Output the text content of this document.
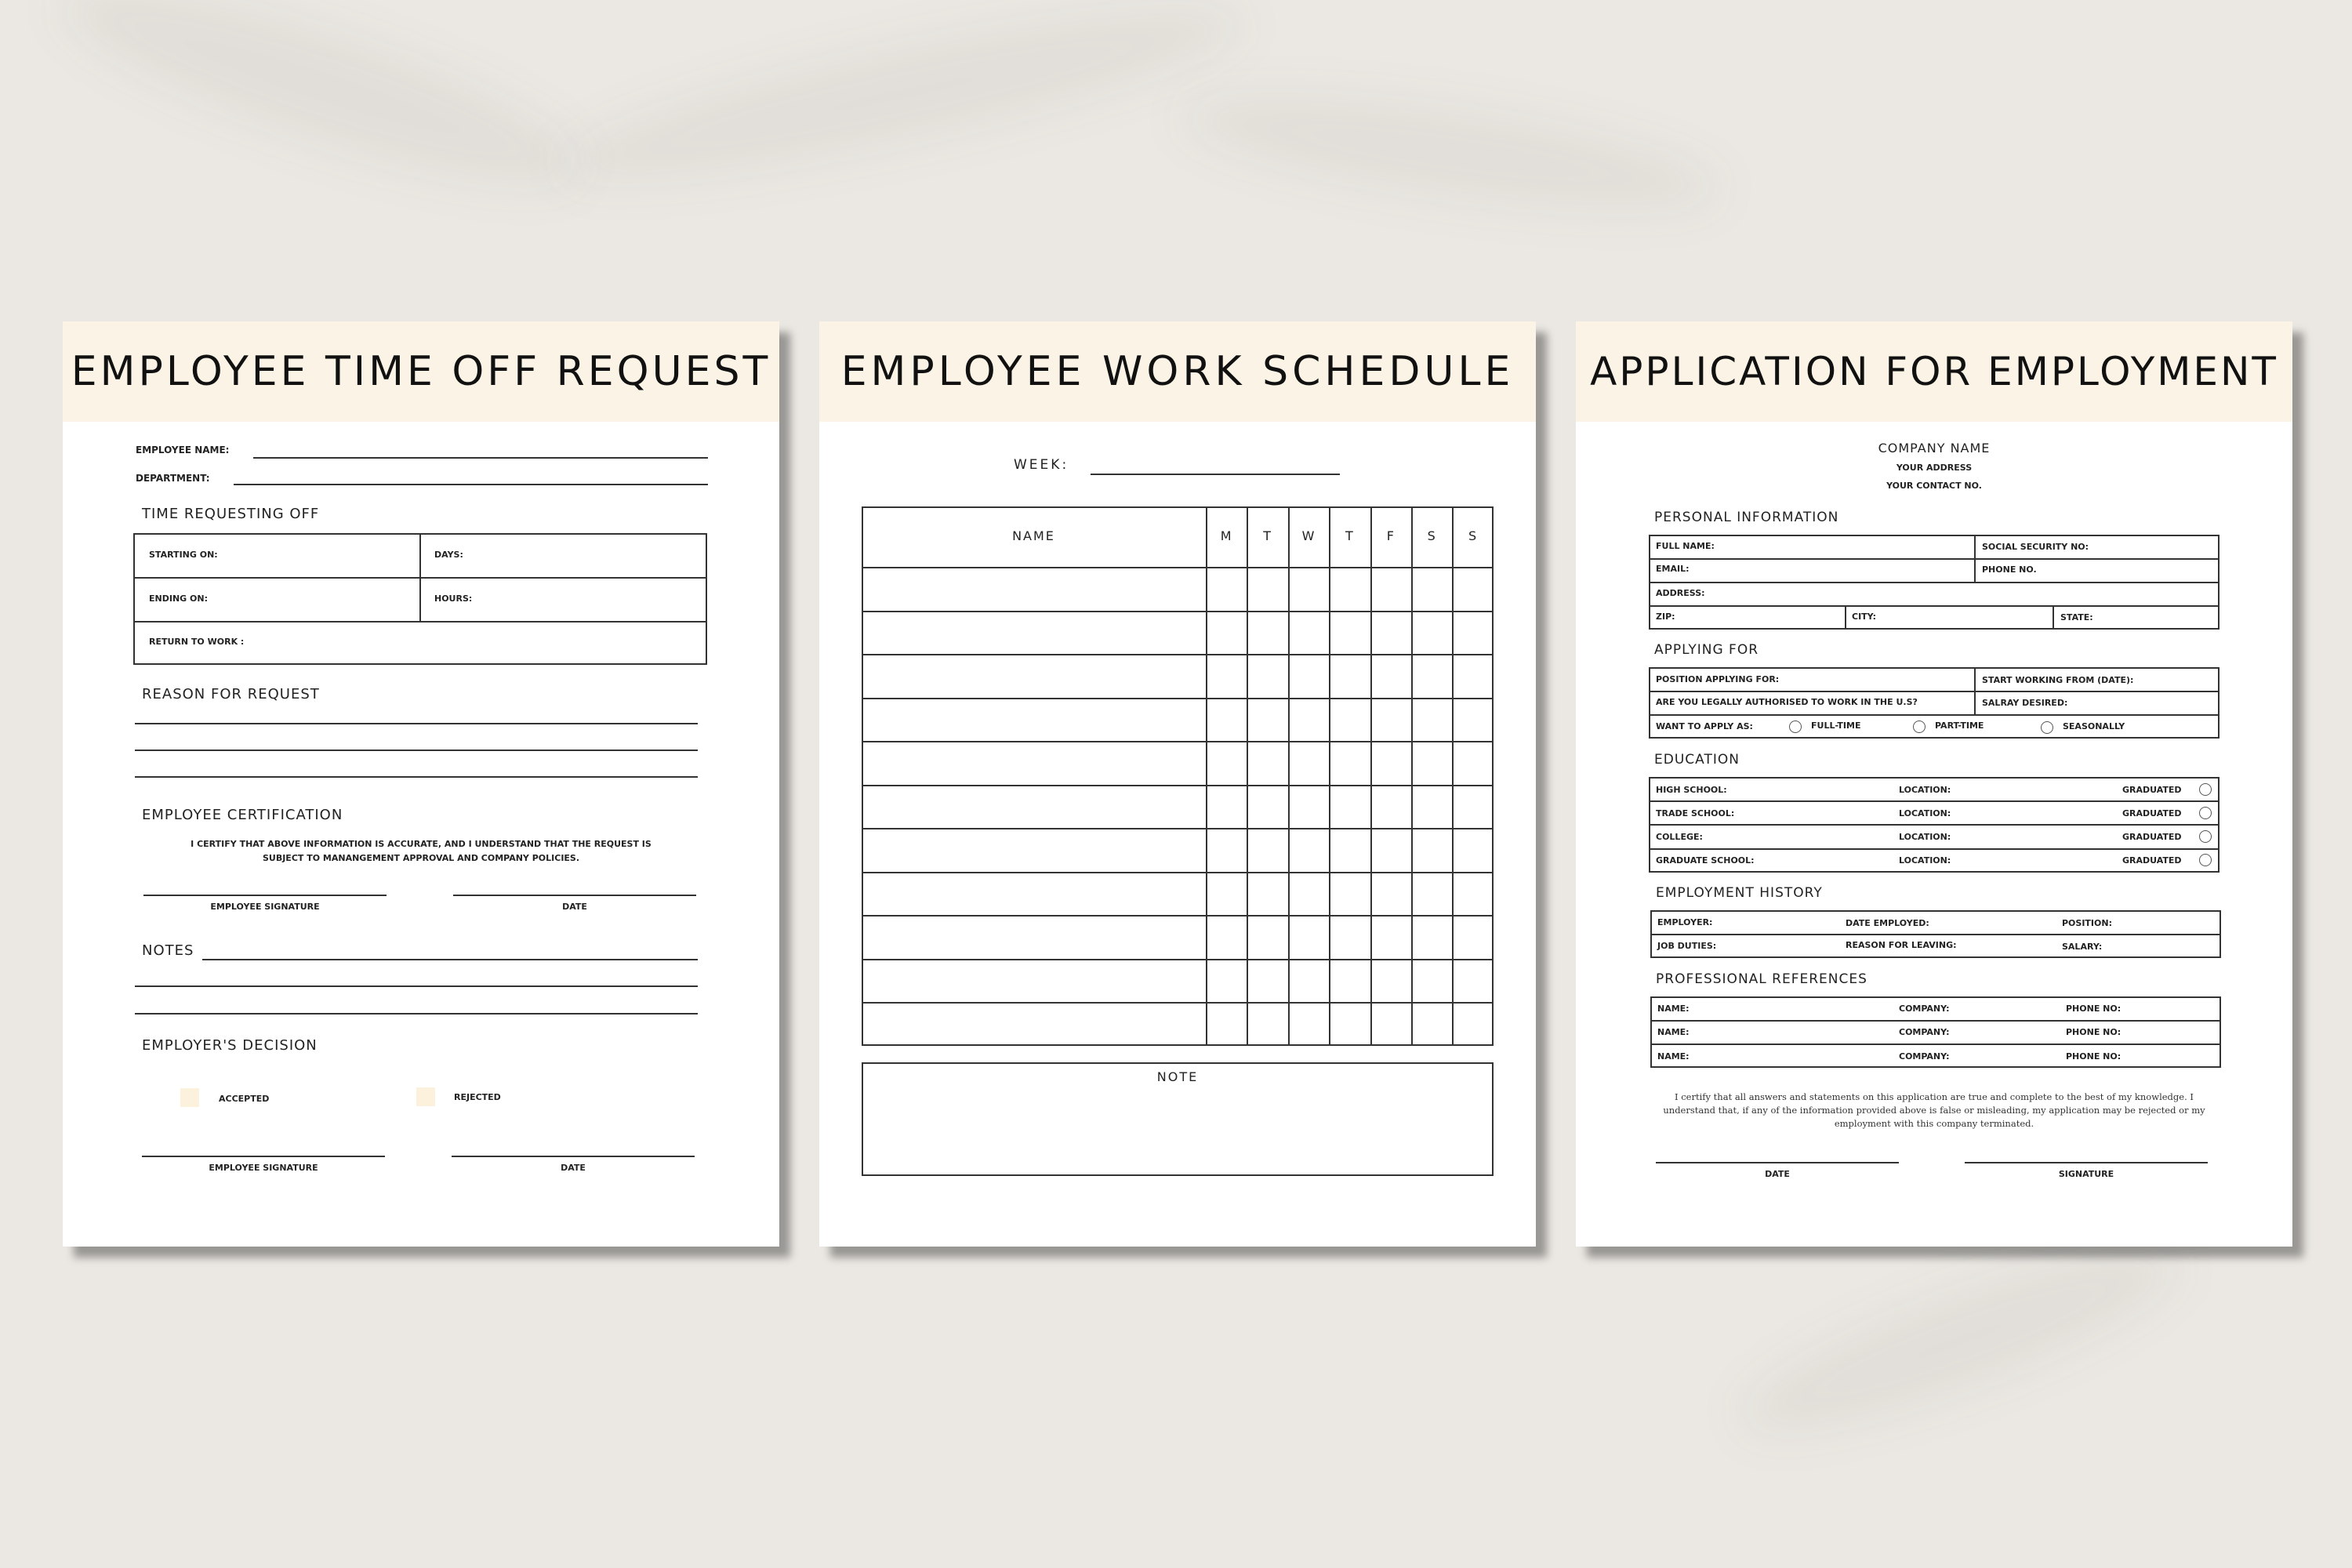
EMPLOYEE TIME OFF REQUEST
EMPLOYEE NAME:
DEPARTMENT:
TIME REQUESTING OFF
STARTING ON:	DAYS:
ENDING ON:	HOURS:
RETURN TO WORK :
REASON FOR REQUEST
EMPLOYEE CERTIFICATION
I CERTIFY THAT ABOVE INFORMATION IS ACCURATE, AND I UNDERSTAND THAT THE REQUEST IS
SUBJECT TO MANANGEMENT APPROVAL AND COMPANY POLICIES.
EMPLOYEE SIGNATURE	DATE
NOTES
EMPLOYER'S DECISION
ACCEPTED	REJECTED
EMPLOYEE SIGNATURE	DATE
EMPLOYEE WORK SCHEDULE
WEEK:
NAME	M	T	W	T	F	S	S
NOTE
APPLICATION FOR EMPLOYMENT
COMPANY NAME
YOUR ADDRESS
YOUR CONTACT NO.
PERSONAL INFORMATION
FULL NAME:	SOCIAL SECURITY NO:
EMAIL:	PHONE NO.
ADDRESS:
ZIP:	CITY:	STATE:
APPLYING FOR
POSITION APPLYING FOR:	START WORKING FROM (DATE):
ARE YOU LEGALLY AUTHORISED TO WORK IN THE U.S?	SALRAY DESIRED:
WANT TO APPLY AS:	FULL-TIME	PART-TIME	SEASONALLY
EDUCATION
HIGH SCHOOL:	LOCATION:	GRADUATED
TRADE SCHOOL:	LOCATION:	GRADUATED
COLLEGE:	LOCATION:	GRADUATED
GRADUATE SCHOOL:	LOCATION:	GRADUATED
EMPLOYMENT HISTORY
EMPLOYER:	DATE EMPLOYED:	POSITION:
JOB DUTIES:	REASON FOR LEAVING:	SALARY:
PROFESSIONAL REFERENCES
NAME:	COMPANY:	PHONE NO:
NAME:	COMPANY:	PHONE NO:
NAME:	COMPANY:	PHONE NO:
I certify that all answers and statements on this application are true and complete to the best of my knowledge. I
understand that, if any of the information provided above is false or misleading, my application may be rejected or my
employment with this company terminated.
DATE	SIGNATURE
